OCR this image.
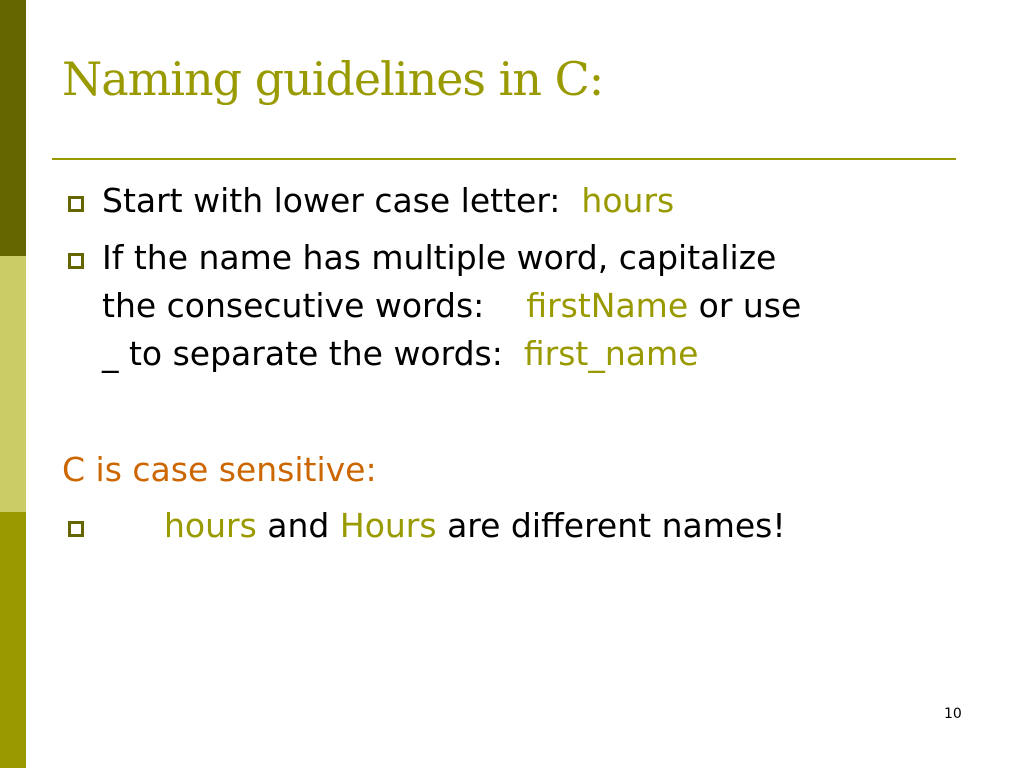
Naming guidelines in C:
Start with lower case letter: hours
If the name has multiple word, capitalize
the consecutive words: firstName or use
_ to separate the words: first_name
C is case sensitive:
hours and Hours are different names!
10
